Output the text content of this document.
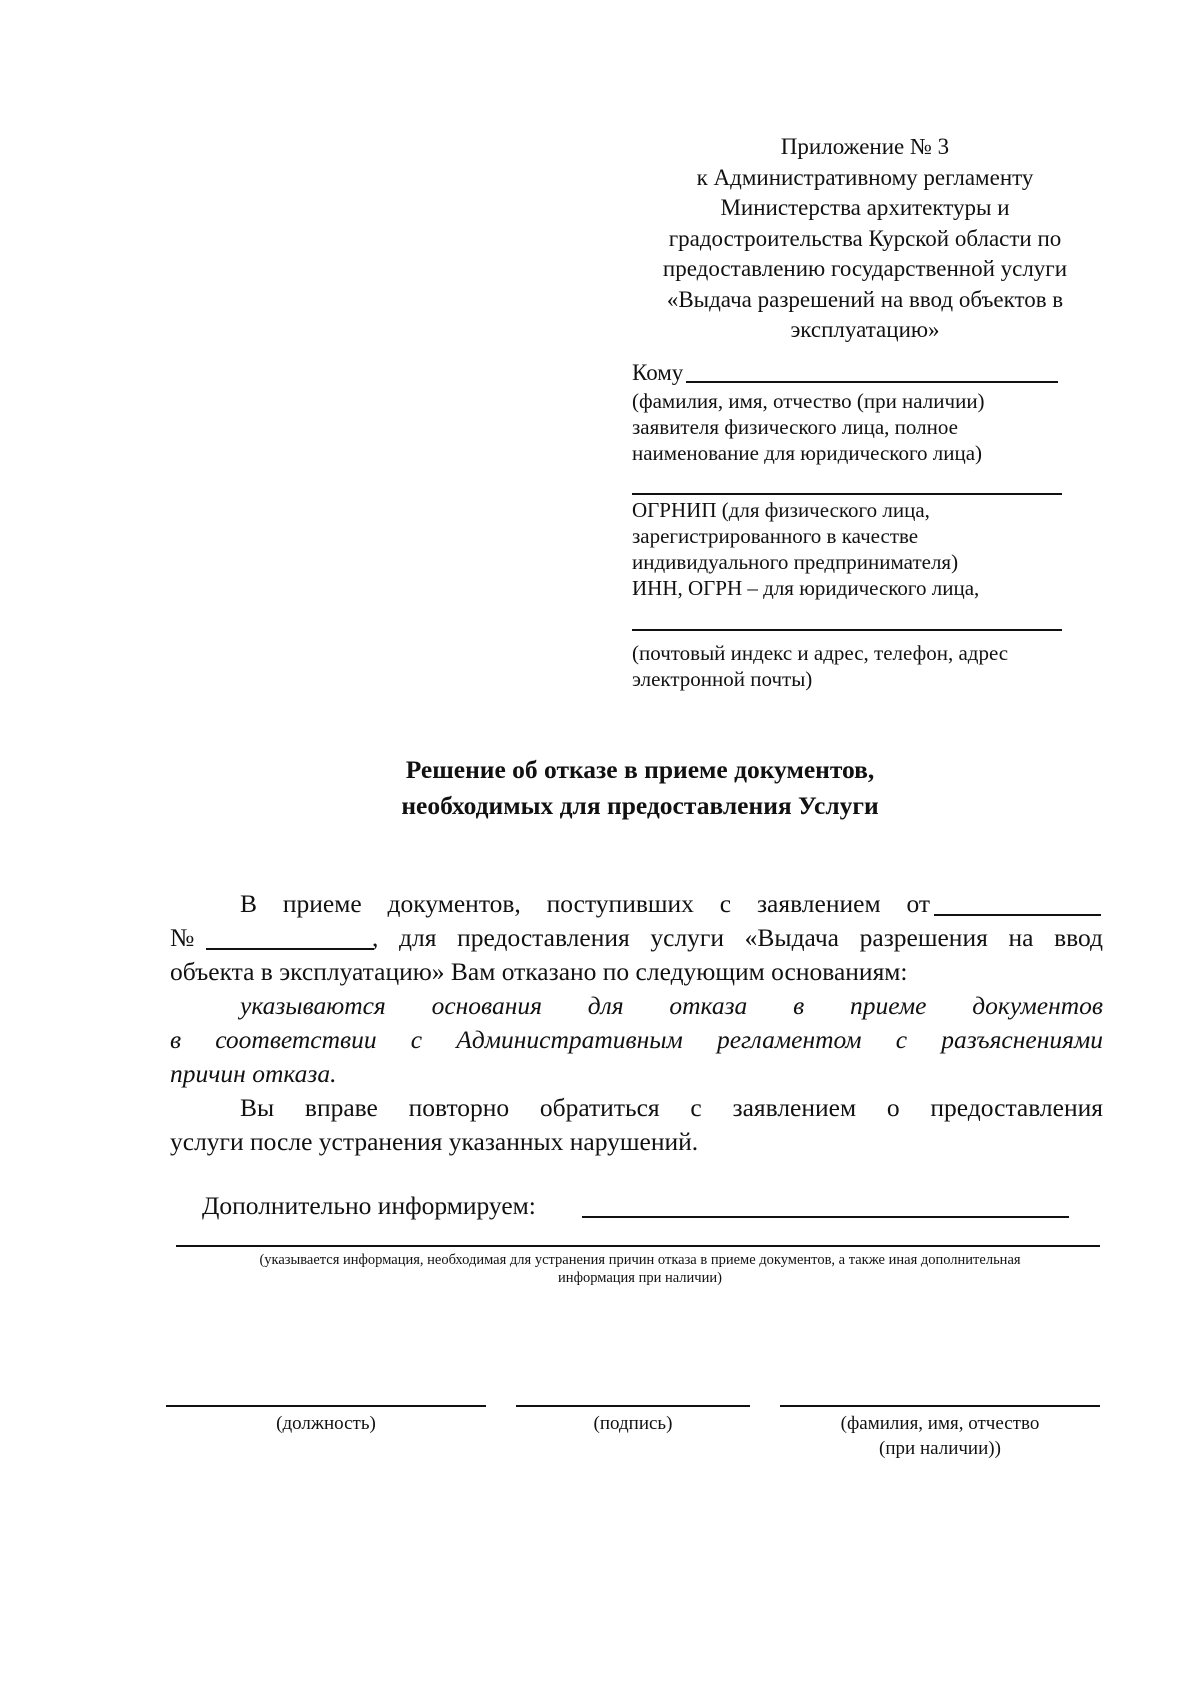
Приложение № 3
к Административному регламенту
Министерства архитектуры и
градостроительства Курской области по
предоставлению государственной услуги
«Выдача разрешений на ввод объектов в
эксплуатацию»
Кому
(фамилия, имя, отчество (при наличии)
заявителя физического лица, полное
наименование для юридического лица)
ОГРНИП (для физического лица,
зарегистрированного в качестве
индивидуального предпринимателя)
ИНН, ОГРН – для юридического лица,
(почтовый индекс и адрес, телефон, адрес
электронной почты)
Решение об отказе в приеме документов,
необходимых для предоставления Услуги
В приеме документов, поступивших с заявлением от
№	, для предоставления услуги «Выдача разрешения на ввод
объекта в эксплуатацию» Вам отказано по следующим основаниям:
указываются основания для отказа в приеме документов
в соответствии с Административным регламентом с разъяснениями
причин отказа.
Вы вправе повторно обратиться с заявлением о предоставления
услуги после устранения указанных нарушений.
Дополнительно информируем:
(указывается информация, необходимая для устранения причин отказа в приеме документов, а также иная дополнительная
информация при наличии)
(должность)	(подпись)	(фамилия, имя, отчество
(при наличии))
